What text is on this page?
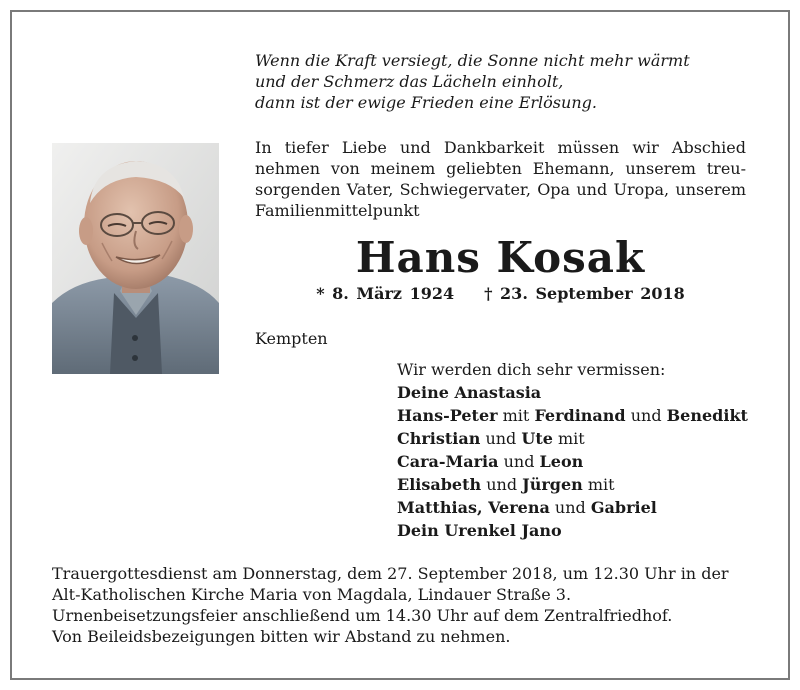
Wenn die Kraft versiegt, die Sonne nicht mehr wärmt
und der Schmerz das Lächeln einholt,
dann ist der ewige Frieden eine Erlösung.
In tiefer Liebe und Dankbarkeit müssen wir Abschied
nehmen von meinem geliebten Ehemann, unserem treu-
sorgenden Vater, Schwiegervater, Opa und Uropa, unserem
Familienmittelpunkt
Hans Kosak
* 8. März 1924 † 23. September 2018
Kempten
Wir werden dich sehr vermissen:
Deine Anastasia
Hans-Peter mit Ferdinand und Benedikt
Christian und Ute mit
Cara-Maria und Leon
Elisabeth und Jürgen mit
Matthias, Verena und Gabriel
Dein Urenkel Jano
Trauergottesdienst am Donnerstag, dem 27. September 2018, um 12.30 Uhr in der
Alt-Katholischen Kirche Maria von Magdala, Lindauer Straße 3.
Urnenbeisetzungsfeier anschließend um 14.30 Uhr auf dem Zentralfriedhof.
Von Beileidsbezeigungen bitten wir Abstand zu nehmen.
